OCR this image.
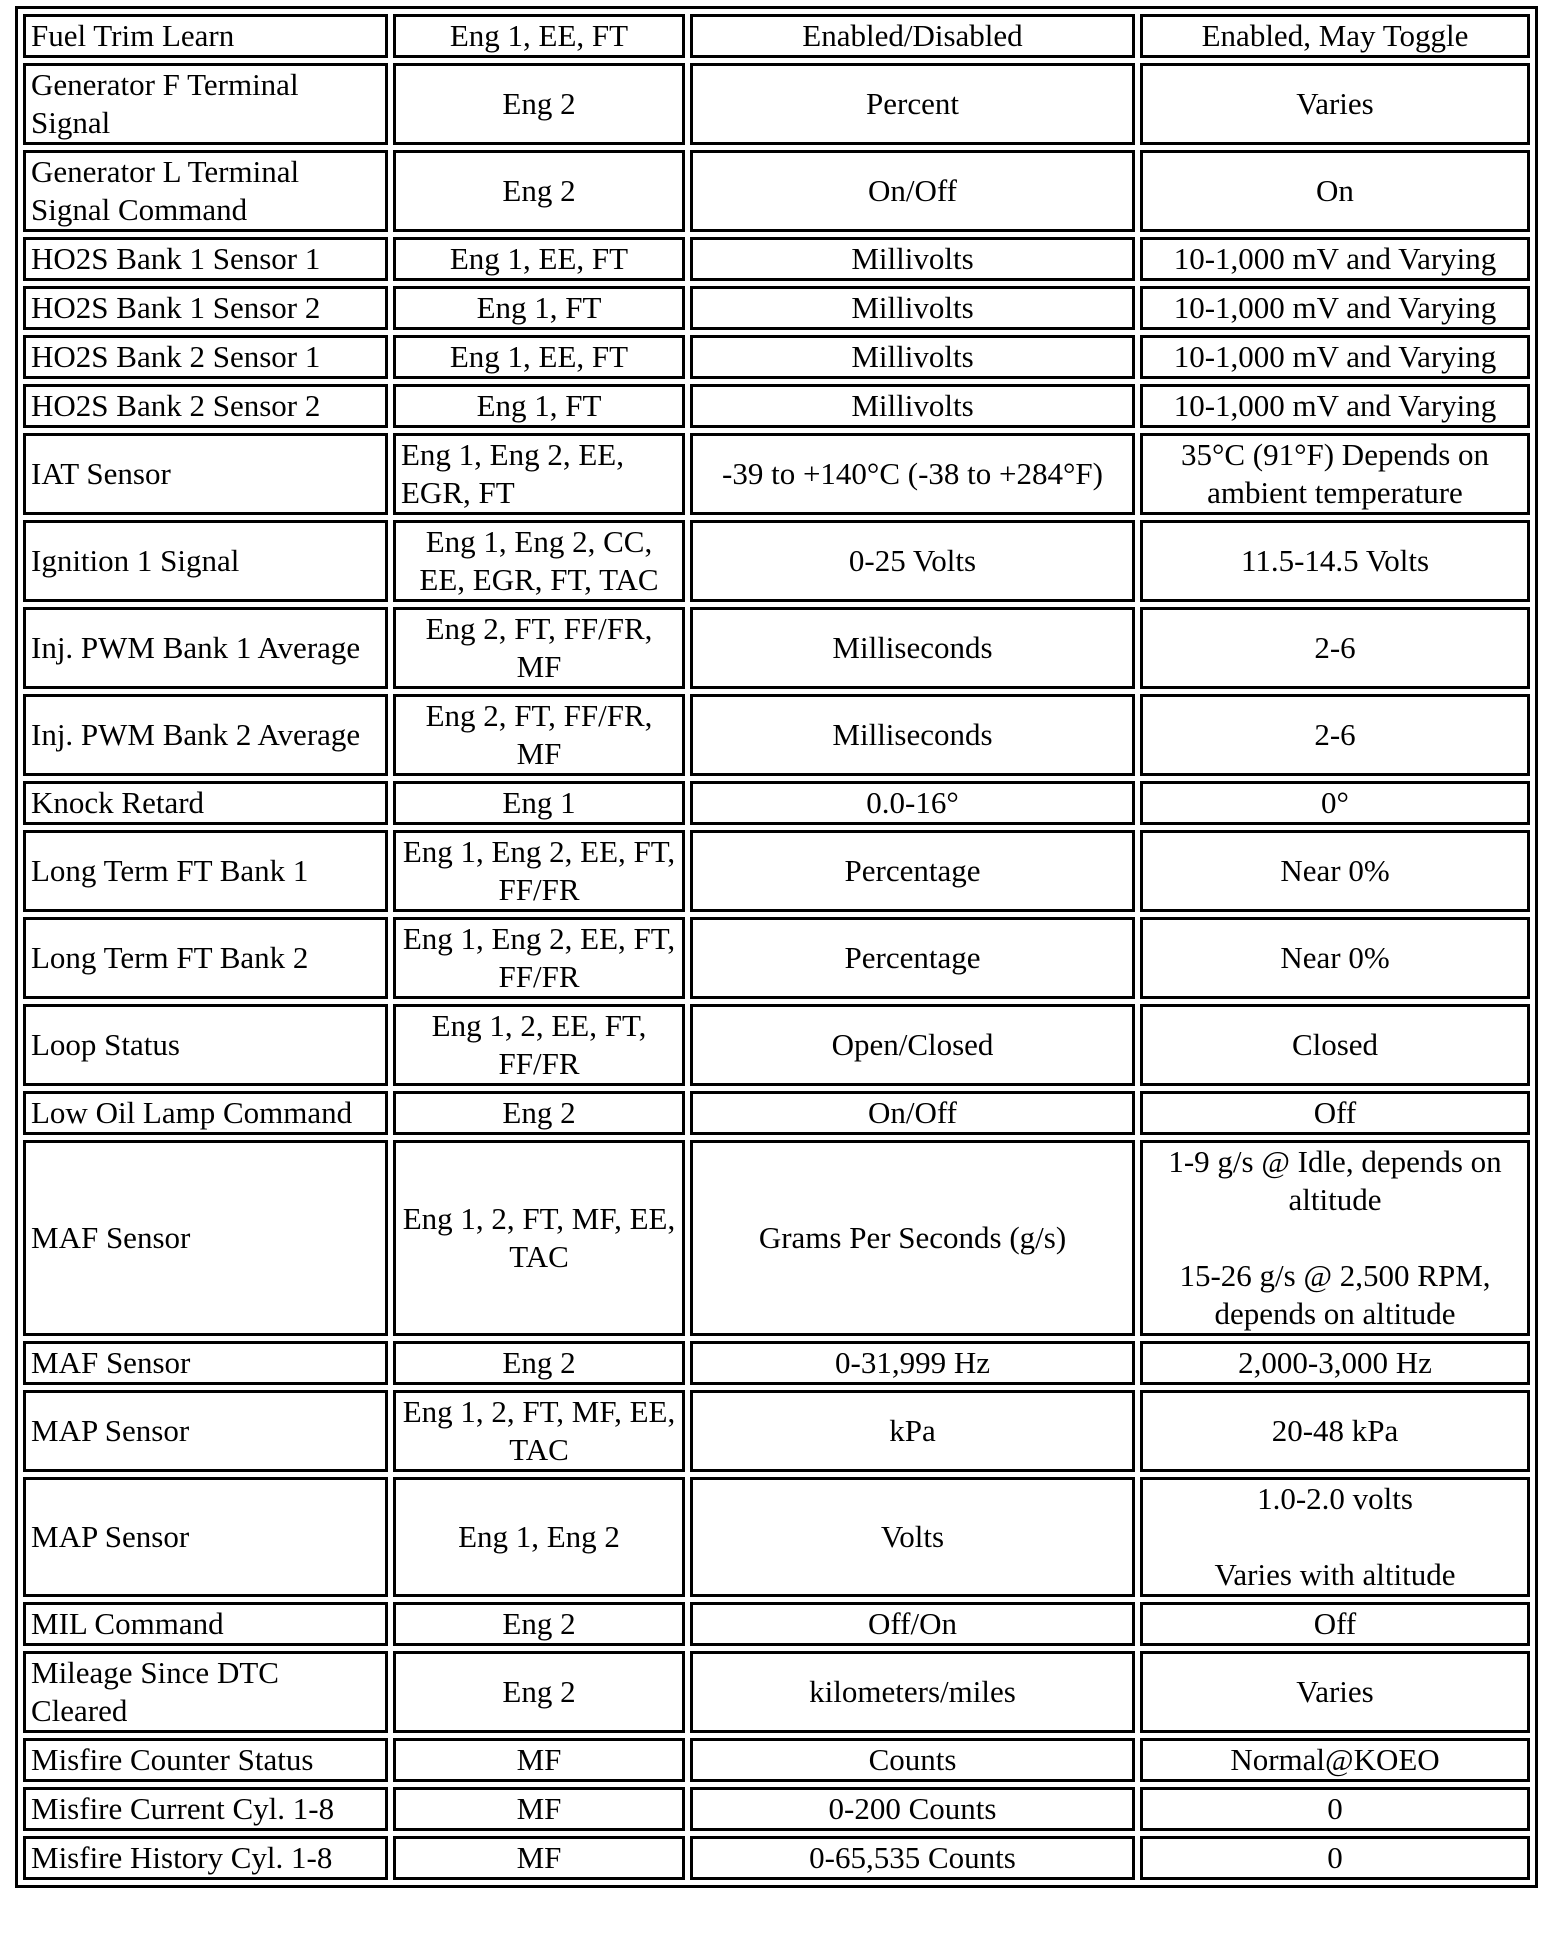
Fuel Trim Learn	Eng 1, EE, FT	Enabled/Disabled	Enabled, May Toggle
Generator F Terminal Signal	Eng 2	Percent	Varies
Generator L Terminal Signal Command	Eng 2	On/Off	On
HO2S Bank 1 Sensor 1	Eng 1, EE, FT	Millivolts	10-1,000 mV and Varying
HO2S Bank 1 Sensor 2	Eng 1, FT	Millivolts	10-1,000 mV and Varying
HO2S Bank 2 Sensor 1	Eng 1, EE, FT	Millivolts	10-1,000 mV and Varying
HO2S Bank 2 Sensor 2	Eng 1, FT	Millivolts	10-1,000 mV and Varying
IAT Sensor	Eng 1, Eng 2, EE, EGR, FT	-39 to +140°C (-38 to +284°F)	35°C (91°F) Depends on ambient temperature
Ignition 1 Signal	Eng 1, Eng 2, CC, EE, EGR, FT, TAC	0-25 Volts	11.5-14.5 Volts
Inj. PWM Bank 1 Average	Eng 2, FT, FF/FR, MF	Milliseconds	2-6
Inj. PWM Bank 2 Average	Eng 2, FT, FF/FR, MF	Milliseconds	2-6
Knock Retard	Eng 1	0.0-16°	0°
Long Term FT Bank 1	Eng 1, Eng 2, EE, FT, FF/FR	Percentage	Near 0%
Long Term FT Bank 2	Eng 1, Eng 2, EE, FT, FF/FR	Percentage	Near 0%
Loop Status	Eng 1, 2, EE, FT, FF/FR	Open/Closed	Closed
Low Oil Lamp Command	Eng 2	On/Off	Off
MAF Sensor	Eng 1, 2, FT, MF, EE, TAC	Grams Per Seconds (g/s)	1-9 g/s @ Idle, depends on altitude
15-26 g/s @ 2,500 RPM, depends on altitude
MAF Sensor	Eng 2	0-31,999 Hz	2,000-3,000 Hz
MAP Sensor	Eng 1, 2, FT, MF, EE, TAC	kPa	20-48 kPa
MAP Sensor	Eng 1, Eng 2	Volts	1.0-2.0 volts
Varies with altitude
MIL Command	Eng 2	Off/On	Off
Mileage Since DTC Cleared	Eng 2	kilometers/miles	Varies
Misfire Counter Status	MF	Counts	Normal@KOEO
Misfire Current Cyl. 1-8	MF	0-200 Counts	0
Misfire History Cyl. 1-8	MF	0-65,535 Counts	0
